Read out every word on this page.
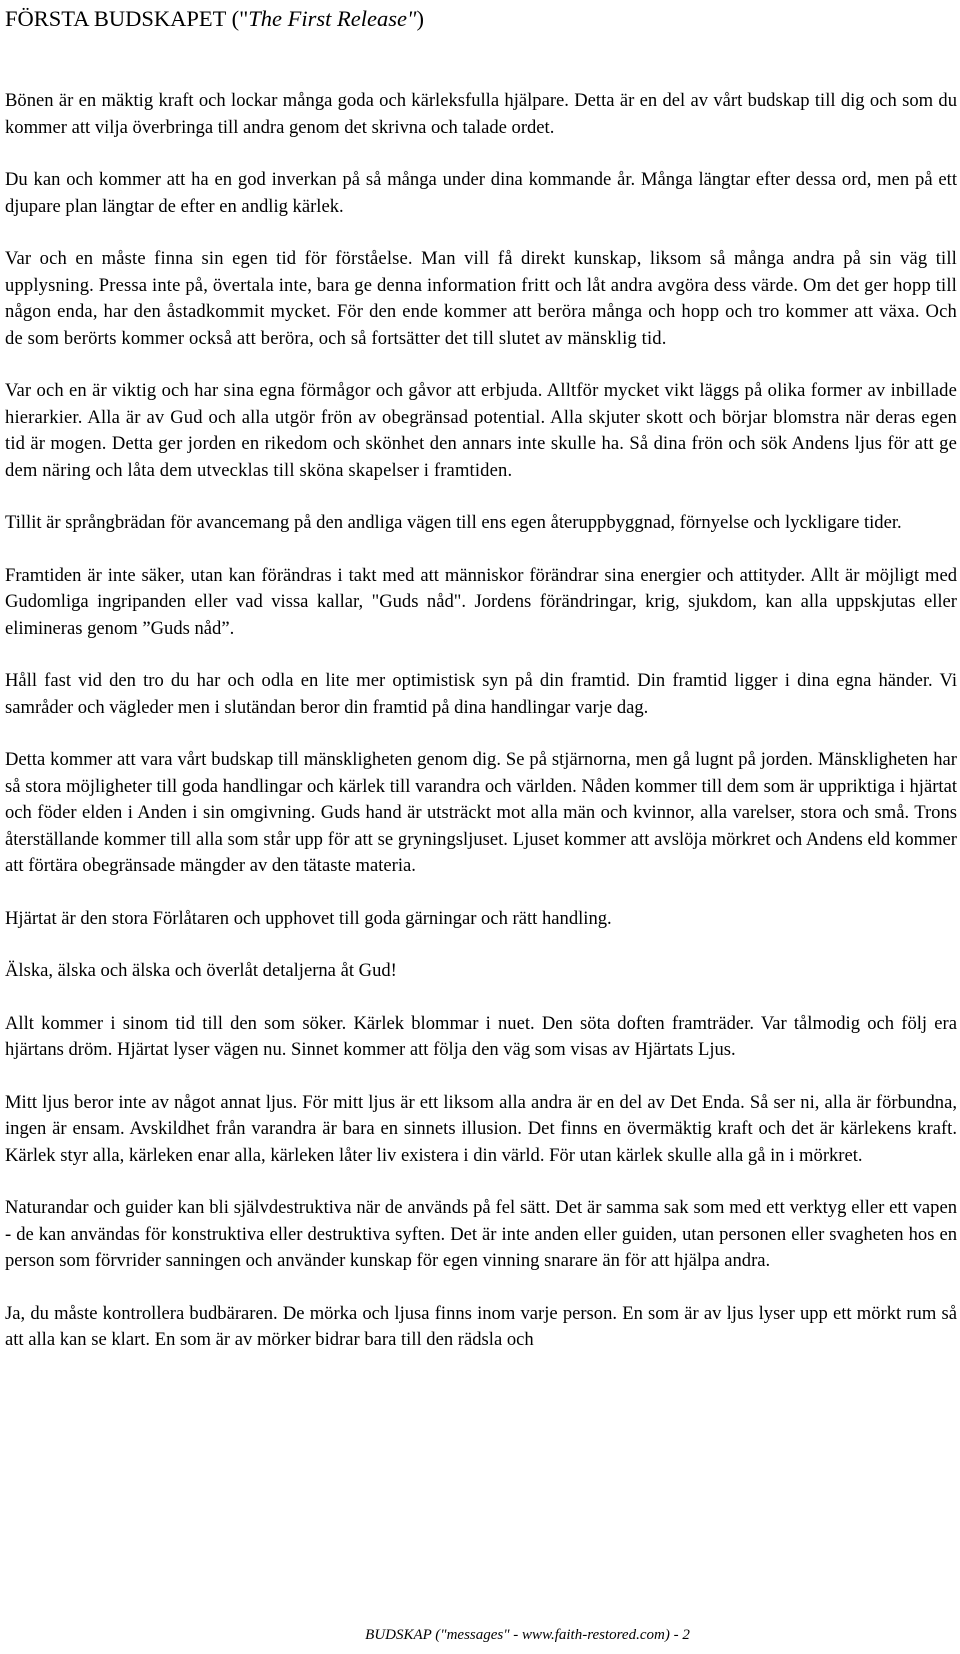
FÖRSTA BUDSKAPET ("The First Release")

Bönen är en mäktig kraft och lockar många goda och kärleksfulla hjälpare. Detta är en del av vårt budskap till dig och som du kommer att vilja överbringa till andra genom det skrivna och talade ordet.

Du kan och kommer att ha en god inverkan på så många under dina kommande år. Många längtar efter dessa ord, men på ett djupare plan längtar de efter en andlig kärlek.

Var och en måste finna sin egen tid för förståelse. Man vill få direkt kunskap, liksom så många andra på sin väg till upplysning. Pressa inte på, övertala inte, bara ge denna information fritt och låt andra avgöra dess värde. Om det ger hopp till någon enda, har den åstadkommit mycket. För den ende kommer att beröra många och hopp och tro kommer att växa. Och de som berörts kommer också att beröra, och så fortsätter det till slutet av mänsklig tid.

Var och en är viktig och har sina egna förmågor och gåvor att erbjuda. Alltför mycket vikt läggs på olika former av inbillade hierarkier. Alla är av Gud och alla utgör frön av obegränsad potential. Alla skjuter skott och börjar blomstra när deras egen tid är mogen. Detta ger jorden en rikedom och skönhet den annars inte skulle ha. Så dina frön och sök Andens ljus för att ge dem näring och låta dem utvecklas till sköna skapelser i framtiden.

Tillit är språngbrädan för avancemang på den andliga vägen till ens egen återuppbyggnad, förnyelse och lyckligare tider.

Framtiden är inte säker, utan kan förändras i takt med att människor förändrar sina energier och attityder. Allt är möjligt med Gudomliga ingripanden eller vad vissa kallar, "Guds nåd". Jordens förändringar, krig, sjukdom, kan alla uppskjutas eller elimineras genom ”Guds nåd”.

Håll fast vid den tro du har och odla en lite mer optimistisk syn på din framtid. Din framtid ligger i dina egna händer. Vi samråder och vägleder men i slutändan beror din framtid på dina handlingar varje dag.

Detta kommer att vara vårt budskap till mänskligheten genom dig. Se på stjärnorna, men gå lugnt på jorden. Mänskligheten har så stora möjligheter till goda handlingar och kärlek till varandra och världen. Nåden kommer till dem som är uppriktiga i hjärtat och föder elden i Anden i sin omgivning. Guds hand är utsträckt mot alla män och kvinnor, alla varelser, stora och små. Trons återställande kommer till alla som står upp för att se gryningsljuset. Ljuset kommer att avslöja mörkret och Andens eld kommer att förtära obegränsade mängder av den tätaste materia.

Hjärtat är den stora Förlåtaren och upphovet till goda gärningar och rätt handling.

Älska, älska och älska och överlåt detaljerna åt Gud!

Allt kommer i sinom tid till den som söker. Kärlek blommar i nuet. Den söta doften framträder. Var tålmodig och följ era hjärtans dröm. Hjärtat lyser vägen nu. Sinnet kommer att följa den väg som visas av Hjärtats Ljus.

Mitt ljus beror inte av något annat ljus. För mitt ljus är ett liksom alla andra är en del av Det Enda. Så ser ni, alla är förbundna, ingen är ensam. Avskildhet från varandra är bara en sinnets illusion. Det finns en övermäktig kraft och det är kärlekens kraft. Kärlek styr alla, kärleken enar alla, kärleken låter liv existera i din värld. För utan kärlek skulle alla gå in i mörkret.

Naturandar och guider kan bli självdestruktiva när de används på fel sätt. Det är samma sak som med ett verktyg eller ett vapen - de kan användas för konstruktiva eller destruktiva syften. Det är inte anden eller guiden, utan personen eller svagheten hos en person som förvrider sanningen och använder kunskap för egen vinning snarare än för att hjälpa andra.

Ja, du måste kontrollera budbäraren. De mörka och ljusa finns inom varje person. En som är av ljus lyser upp ett mörkt rum så att alla kan se klart. En som är av mörker bidrar bara till den rädsla och

BUDSKAP ("messages" - www.faith-restored.com) - 2
